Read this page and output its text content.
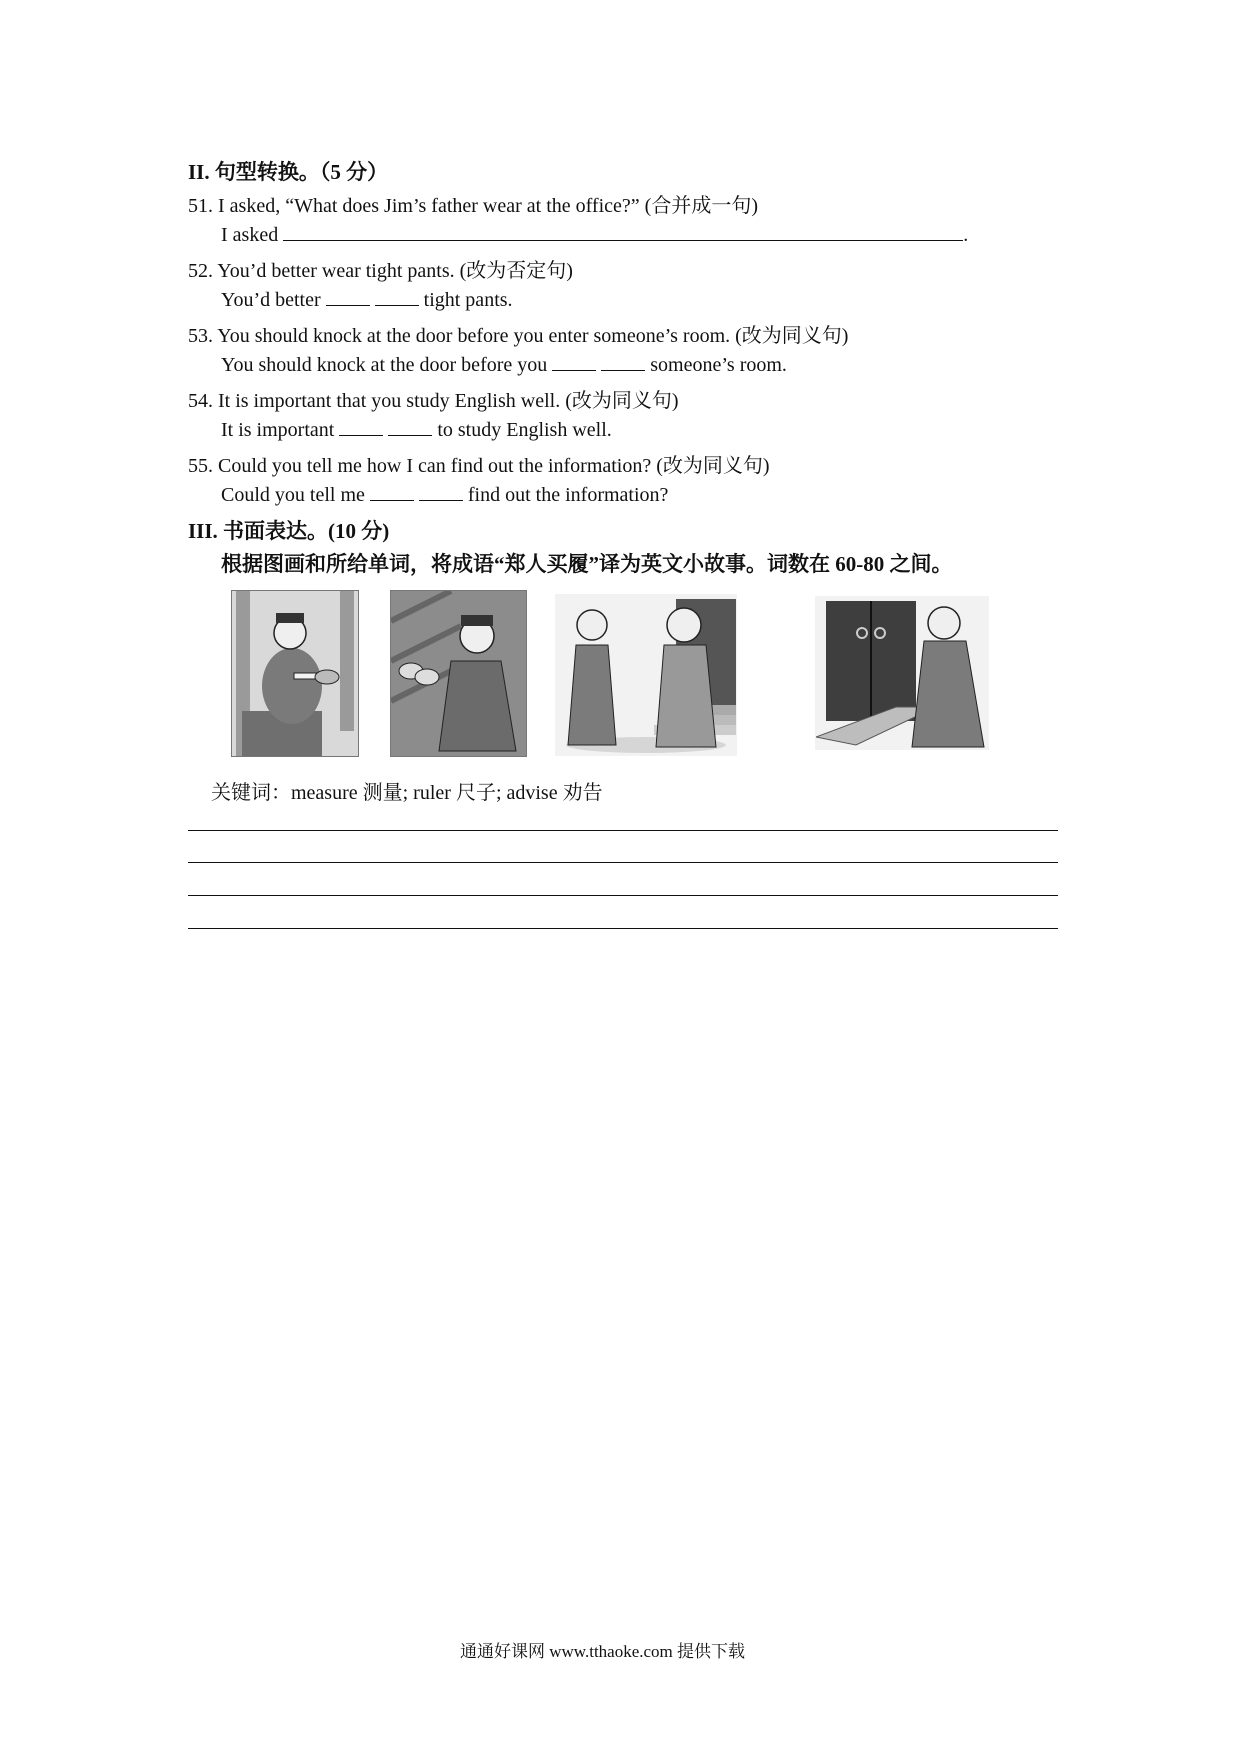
II. 句型转换。（5 分）
51. I asked, “What does Jim’s father wear at the office?” (合并成一句)
I asked	.
52. You’d better wear tight pants. (改为否定句)
You’d better	tight pants.
53. You should knock at the door before you enter someone’s room. (改为同义句)
You should knock at the door before you	someone’s room.
54. It is important that you study English well. (改为同义句)
It is important	to study English well.
55. Could you tell me how I can find out the information? (改为同义句)
Could you tell me	find out the information?
III. 书面表达。(10 分)
根据图画和所给单词，将成语“郑人买履”译为英文小故事。词数在 60-80 之间。
关键词：measure 测量; ruler 尺子; advise 劝告
通通好课网 www.tthaoke.com 提供下载
